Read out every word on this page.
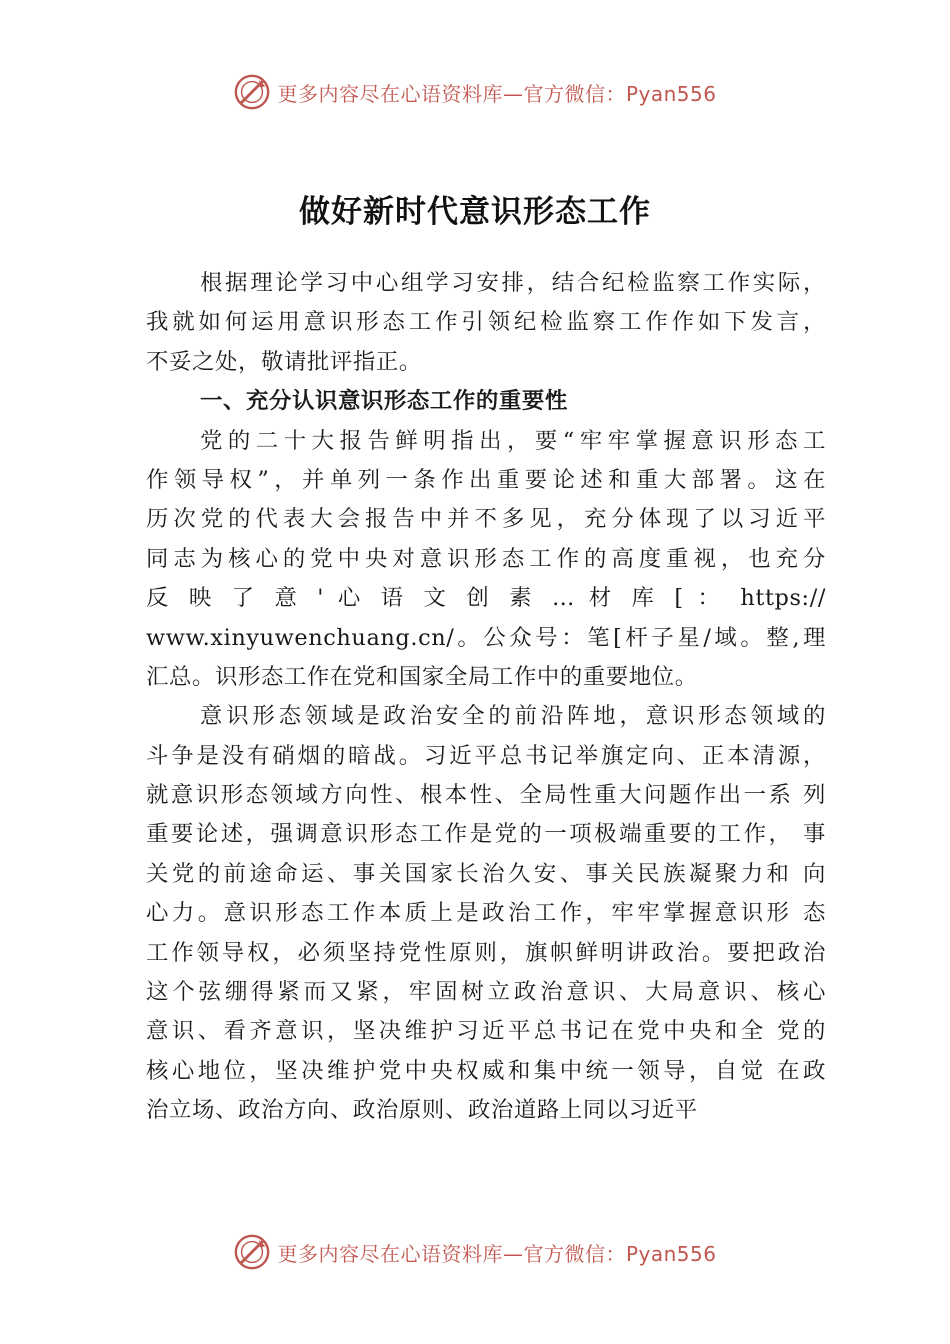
更多内容尽在心语资料库—官方微信：Pyan556
做好新时代意识形态工作
根据理论学习中心组学习安排，结合纪检监察工作实际，
我就如何运用意识形态工作引领纪检监察工作作如下发言，
不妥之处，敬请批评指正。
一、充分认识意识形态工作的重要性
党的二十大报告鲜明指出，要“牢牢掌握意识形态工
作领导权”，并单列一条作出重要论述和重大部署。这在
历次党的代表大会报告中并不多见，充分体现了以习近平
同志为核心的党中央对意识形态工作的高度重视，也充分
反 映 了 意 ' 心 语 文 创 素 … 材 库 [ ： https://
www.xinyuwenchuang.cn/。公众号：笔[杆子星/域。整,理
汇总。识形态工作在党和国家全局工作中的重要地位。
意识形态领域是政治安全的前沿阵地，意识形态领域的
斗争是没有硝烟的暗战。习近平总书记举旗定向、正本清源，
就意识形态领域方向性、根本性、全局性重大问题作出一系 列
重要论述，强调意识形态工作是党的一项极端重要的工作， 事
关党的前途命运、事关国家长治久安、事关民族凝聚力和 向
心力。意识形态工作本质上是政治工作，牢牢掌握意识形 态
工作领导权，必须坚持党性原则，旗帜鲜明讲政治。要把政治
这个弦绷得紧而又紧，牢固树立政治意识、大局意识、核心
意识、看齐意识，坚决维护习近平总书记在党中央和全 党的
核心地位，坚决维护党中央权威和集中统一领导，自觉 在政
治立场、政治方向、政治原则、政治道路上同以习近平
更多内容尽在心语资料库—官方微信：Pyan556
